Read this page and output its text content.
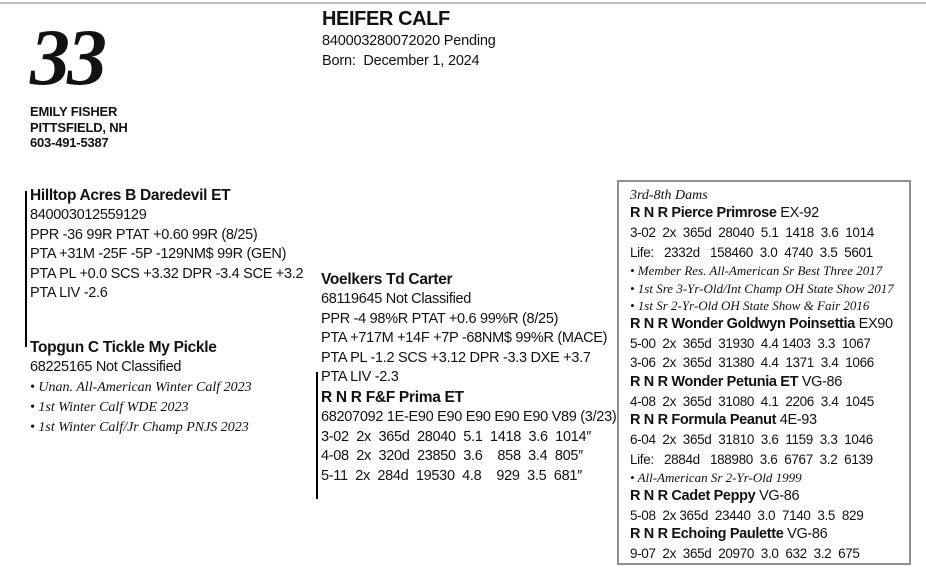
33
EMILY FISHER
PITTSFIELD, NH
603-491-5387
HEIFER CALF
840003280072020 Pending
Born:  December 1, 2024
Hilltop Acres B Daredevil ET
840003012559129
PPR -36 99R PTAT +0.60 99R (8/25)
PTA +31M -25F -5P -129NM$ 99R (GEN)
PTA PL +0.0 SCS +3.32 DPR -3.4 SCE +3.2
PTA LIV -2.6
Topgun C Tickle My Pickle
68225165 Not Classified
• Unan. All-American Winter Calf 2023
• 1st Winter Calf WDE 2023
• 1st Winter Calf/Jr Champ PNJS 2023
Voelkers Td Carter
68119645 Not Classified
PPR -4 98%R PTAT +0.6 99%R (8/25)
PTA +717M +14F +7P -68NM$ 99%R (MACE)
PTA PL -1.2 SCS +3.12 DPR -3.3 DXE +3.7
PTA LIV -2.3
R N R F&F Prima ET
68207092 1E-E90 E90 E90 E90 E90 V89 (3/23)
3-02  2x  365d  28040  5.1  1418  3.6  1014″
4-08  2x  320d  23850  3.6    858  3.4  805″
5-11  2x  284d  19530  4.8    929  3.5  681″
3rd-8th Dams
R N R Pierce Primrose EX-92
3-02  2x  365d  28040  5.1  1418  3.6  1014
Life:   2332d   158460  3.0  4740  3.5  5601
• Member Res. All-American Sr Best Three 2017
• 1st Sre 3-Yr-Old/Int Champ OH State Show 2017
• 1st Sr 2-Yr-Old OH State Show & Fair 2016
R N R Wonder Goldwyn Poinsettia EX90
5-00  2x  365d  31930  4.4 1403  3.3  1067
3-06  2x  365d  31380  4.4  1371  3.4  1066
R N R Wonder Petunia ET VG-86
4-08  2x  365d  31080  4.1  2206  3.4  1045
R N R Formula Peanut 4E-93
6-04  2x  365d  31810  3.6  1159  3.3  1046
Life:   2884d   188980  3.6  6767  3.2  6139
• All-American Sr 2-Yr-Old 1999
R N R Cadet Peppy VG-86
5-08  2x 365d  23440  3.0  7140  3.5  829
R N R Echoing Paulette VG-86
9-07  2x  365d  20970  3.0  632  3.2  675
